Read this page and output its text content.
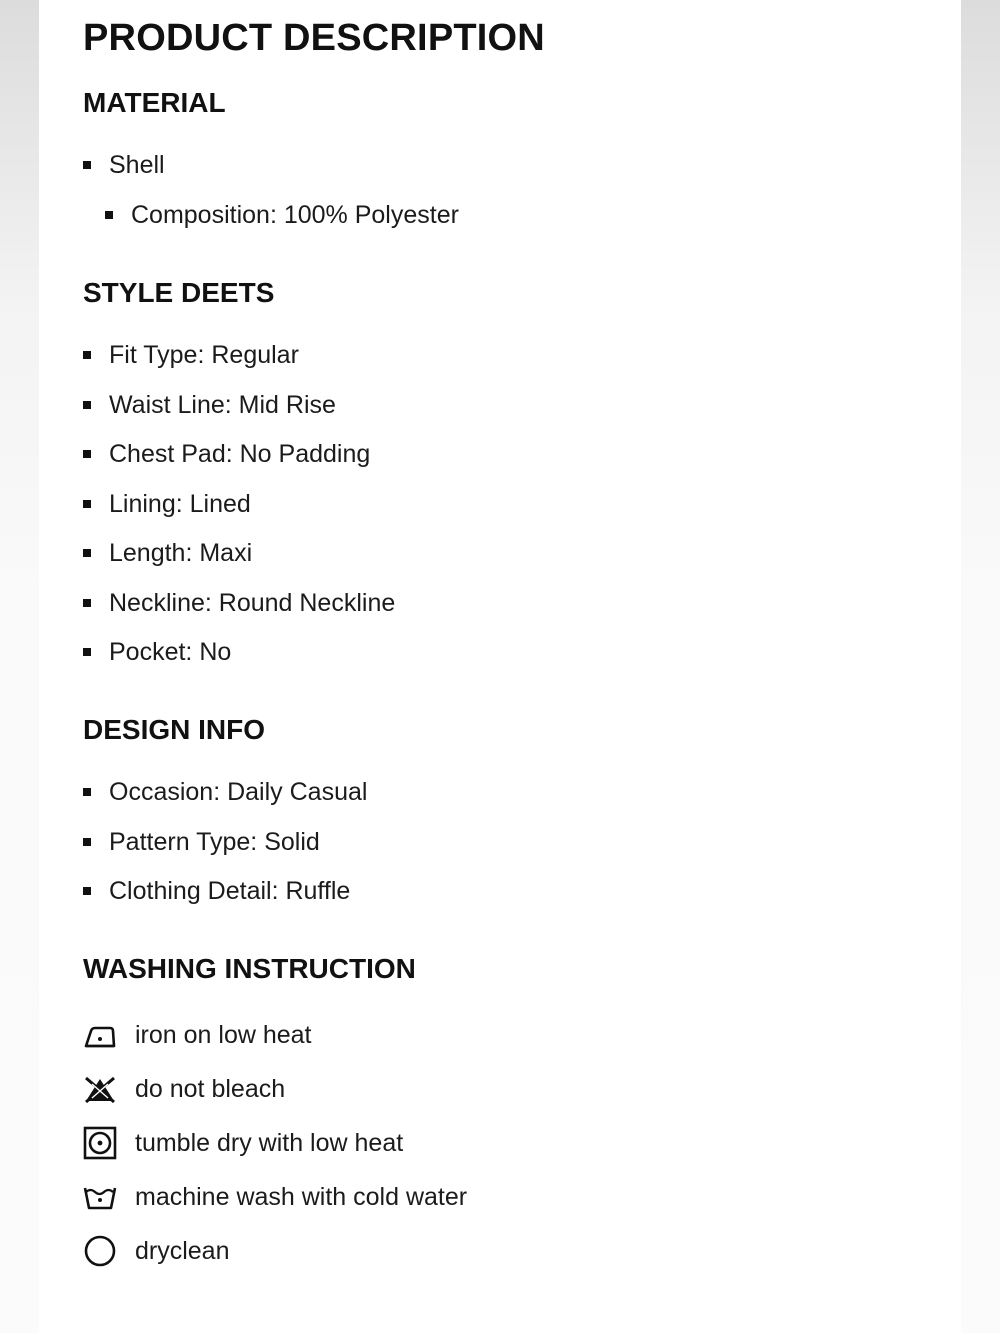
PRODUCT DESCRIPTION
MATERIAL
Shell
Composition: 100% Polyester
STYLE DEETS
Fit Type: Regular
Waist Line: Mid Rise
Chest Pad: No Padding
Lining: Lined
Length: Maxi
Neckline: Round Neckline
Pocket: No
DESIGN INFO
Occasion: Daily Casual
Pattern Type: Solid
Clothing Detail: Ruffle
WASHING INSTRUCTION
iron on low heat
do not bleach
tumble dry with low heat
machine wash with cold water
dryclean
